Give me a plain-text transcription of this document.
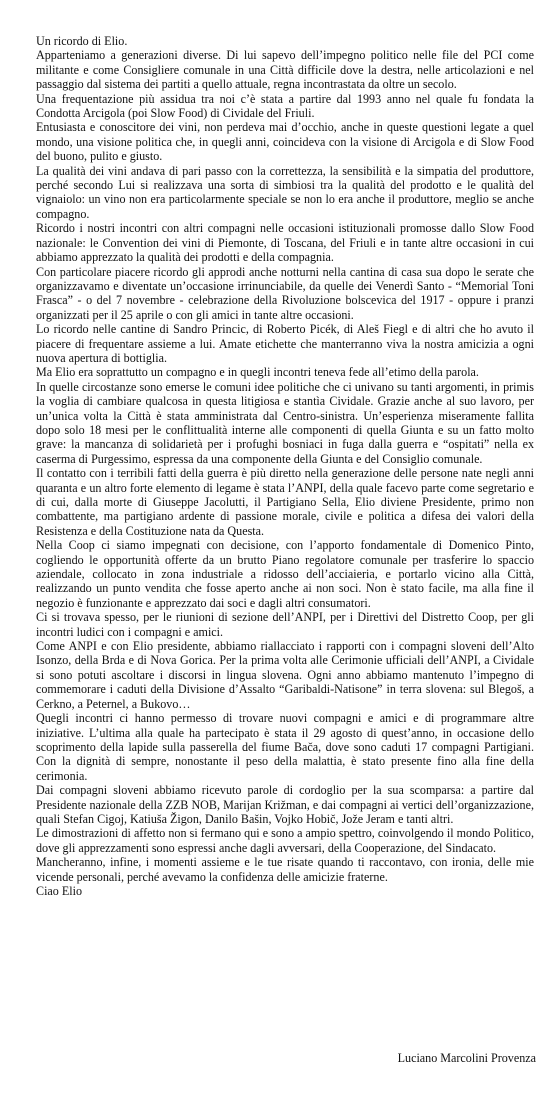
Un ricordo di Elio.

Apparteniamo a generazioni diverse. Di lui sapevo dell’impegno politico nelle file del PCI come militante e come Consigliere comunale in una Città difficile dove la destra, nelle articolazioni e nel passaggio dal sistema dei partiti a quello attuale, regna incontrastata da oltre un secolo.

Una frequentazione più assidua tra noi c’è stata a partire dal 1993 anno nel quale fu fondata la Condotta Arcigola (poi Slow Food) di Cividale del Friuli.

Entusiasta e conoscitore dei vini, non perdeva mai d’occhio, anche in queste questioni legate a quel mondo, una visione politica che, in quegli anni, coincideva con la visione di Arcigola e di Slow Food del buono, pulito e giusto.

La qualità dei vini andava di pari passo con la correttezza, la sensibilità e la simpatia del produttore, perché secondo Lui si realizzava una sorta di simbiosi tra la qualità del prodotto e le qualità del vignaiolo: un vino non era particolarmente speciale se non lo era anche il produttore, meglio se anche compagno.

Ricordo i nostri incontri con altri compagni nelle occasioni istituzionali promosse dallo Slow Food nazionale: le Convention dei vini di Piemonte, di Toscana, del Friuli e in tante altre occasioni in cui abbiamo apprezzato la qualità dei prodotti e della compagnia.

Con particolare piacere ricordo gli approdi anche notturni nella cantina di casa sua dopo le serate che organizzavamo e diventate un’occasione irrinunciabile, da quelle dei Venerdì Santo - “Memorial Toni Frasca” - o del 7 novembre - celebrazione della Rivoluzione bolscevica del 1917 - oppure i pranzi organizzati per il 25 aprile o con gli amici in tante altre occasioni.

Lo ricordo nelle cantine di Sandro Princic, di Roberto Picék, di Aleš Fiegl e di altri che ho avuto il piacere di frequentare assieme a lui. Amate etichette che manterranno viva la nostra amicizia a ogni nuova apertura di bottiglia.

Ma Elio era soprattutto un compagno e in quegli incontri teneva fede all’etimo della parola.

In quelle circostanze sono emerse le comuni idee politiche che ci univano su tanti argomenti, in primis la voglia di cambiare qualcosa in questa litigiosa e stantìa Cividale. Grazie anche al suo lavoro, per un’unica volta la Città è stata amministrata dal Centro-sinistra. Un’esperienza miseramente fallita dopo solo 18 mesi per le conflittualità interne alle componenti di quella Giunta e su un fatto molto grave: la mancanza di solidarietà per i profughi bosniaci in fuga dalla guerra e “ospitati” nella ex caserma di Purgessimo, espressa da una componente della Giunta e del Consiglio comunale.

Il contatto con i terribili fatti della guerra è più diretto nella generazione delle persone nate negli anni quaranta e un altro forte elemento di legame è stata l’ANPI, della quale facevo parte come segretario e di cui, dalla morte di Giuseppe Jacolutti, il Partigiano Sella, Elio diviene Presidente, primo non combattente, ma partigiano ardente di passione morale, civile e politica a difesa dei valori della Resistenza e della Costituzione nata da Questa.

Nella Coop ci siamo impegnati con decisione, con l’apporto fondamentale di Domenico Pinto, cogliendo le opportunità offerte da un brutto Piano regolatore comunale per trasferire lo spaccio aziendale, collocato in zona industriale a ridosso dell’acciaieria, e portarlo vicino alla Città, realizzando un punto vendita che fosse aperto anche ai non soci. Non è stato facile, ma alla fine il negozio è funzionante e apprezzato dai soci e dagli altri consumatori.

Ci si trovava spesso, per le riunioni di sezione dell’ANPI, per i Direttivi del Distretto Coop, per gli incontri ludici con i compagni e amici.

Come ANPI e con Elio presidente, abbiamo riallacciato i rapporti con i compagni sloveni dell’Alto Isonzo, della Brda e di Nova Gorica. Per la prima volta alle Cerimonie ufficiali dell’ANPI, a Cividale si sono potuti ascoltare i discorsi in lingua slovena. Ogni anno abbiamo mantenuto l’impegno di commemorare i caduti della Divisione d’Assalto “Garibaldi-Natisone” in terra slovena: sul Blegoš, a Cerkno, a Peternel, a Bukovo…

Quegli incontri ci hanno permesso di trovare nuovi compagni e amici e di programmare altre iniziative. L’ultima alla quale ha partecipato è stata il 29 agosto di quest’anno, in occasione dello scoprimento della lapide sulla passerella del fiume Bača, dove sono caduti 17 compagni Partigiani. Con la dignità di sempre, nonostante il peso della malattia, è stato presente fino alla fine della cerimonia.

Dai compagni sloveni abbiamo ricevuto parole di cordoglio per la sua scomparsa: a partire dal Presidente nazionale della ZZB NOB, Marijan Križman, e dai compagni ai vertici dell’organizzazione, quali Stefan Cigoj, Katiuša Žigon, Danilo Bašin, Vojko Hobič, Jože Jeram e tanti altri.

Le dimostrazioni di affetto non si fermano qui e sono a ampio spettro, coinvolgendo il mondo Politico, dove gli apprezzamenti sono espressi anche dagli avversari, della Cooperazione, del Sindacato.

Mancheranno, infine, i momenti assieme e le tue risate quando ti raccontavo, con ironia, delle mie vicende personali, perché avevamo la confidenza delle amicizie fraterne.

Ciao Elio

Luciano Marcolini Provenza
